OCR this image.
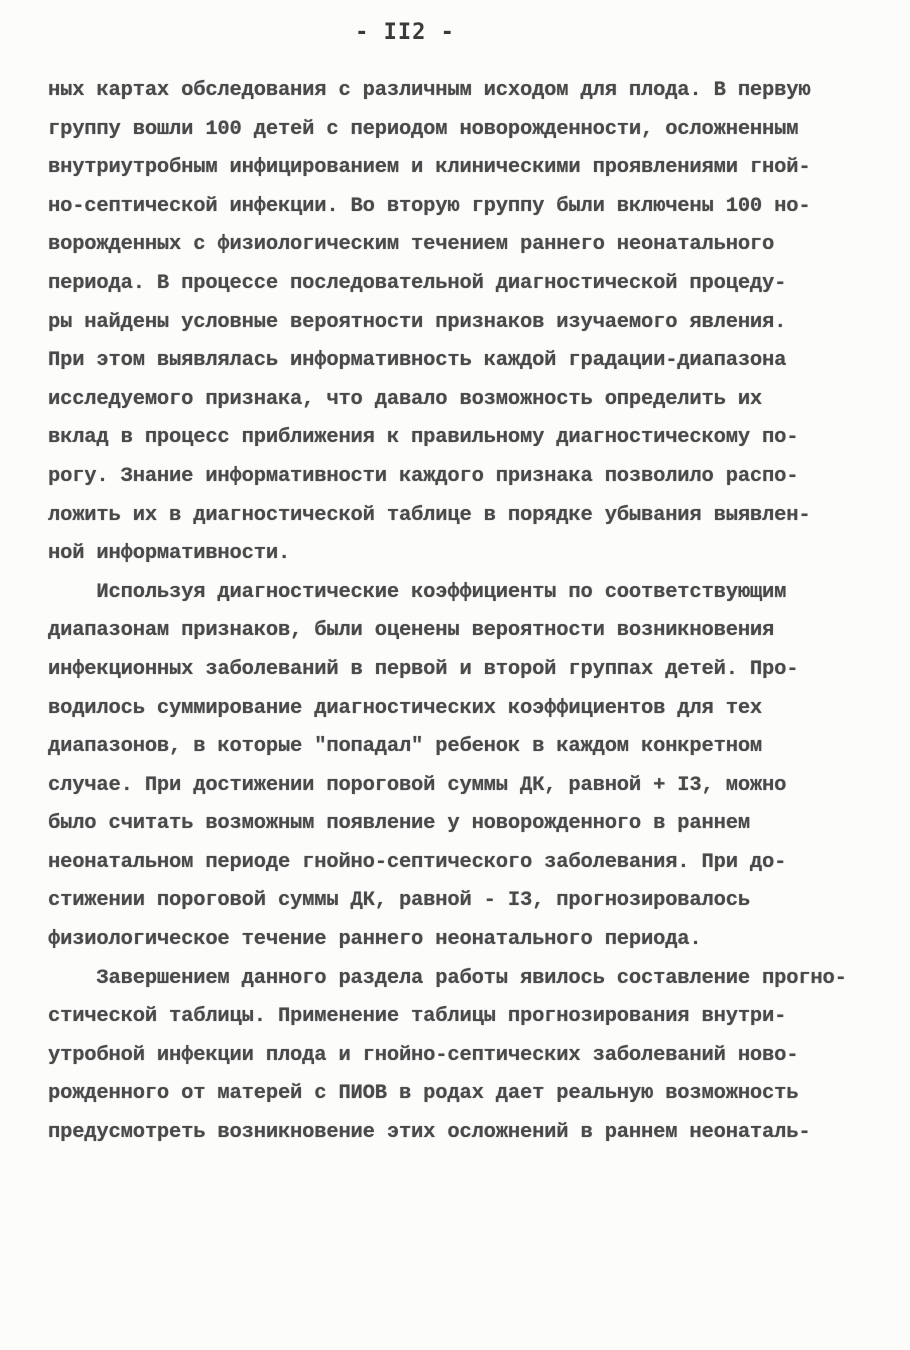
- II2 -
ных картах обследования с различным исходом для плода. В первую
группу вошли 100 детей с периодом новорожденности, осложненным
внутриутробным инфицированием и клиническими проявлениями гной-
но-септической инфекции. Во вторую группу были включены 100 но-
ворожденных с физиологическим течением раннего неонатального
периода. В процессе последовательной диагностической процеду-
ры найдены условные вероятности признаков изучаемого явления.
При этом выявлялась информативность каждой градации-диапазона
исследуемого признака, что давало возможность определить их
вклад в процесс приближения к правильному диагностическому по-
рогу. Знание информативности каждого признака позволило распо-
ложить их в диагностической таблице в порядке убывания выявлен-
ной информативности.
Используя диагностические коэффициенты по соответствующим
диапазонам признаков, были оценены вероятности возникновения
инфекционных заболеваний в первой и второй группах детей. Про-
водилось суммирование диагностических коэффициентов для тех
диапазонов, в которые "попадал" ребенок в каждом конкретном
случае. При достижении пороговой суммы ДК, равной + I3, можно
было считать возможным появление у новорожденного в раннем
неонатальном периоде гнойно-септического заболевания. При до-
стижении пороговой суммы ДК, равной - I3, прогнозировалось
физиологическое течение раннего неонатального периода.
Завершением данного раздела работы явилось составление прогно-
стической таблицы. Применение таблицы прогнозирования внутри-
утробной инфекции плода и гнойно-септических заболеваний ново-
рожденного от матерей с ПИОВ в родах дает реальную возможность
предусмотреть возникновение этих осложнений в раннем неонаталь-
